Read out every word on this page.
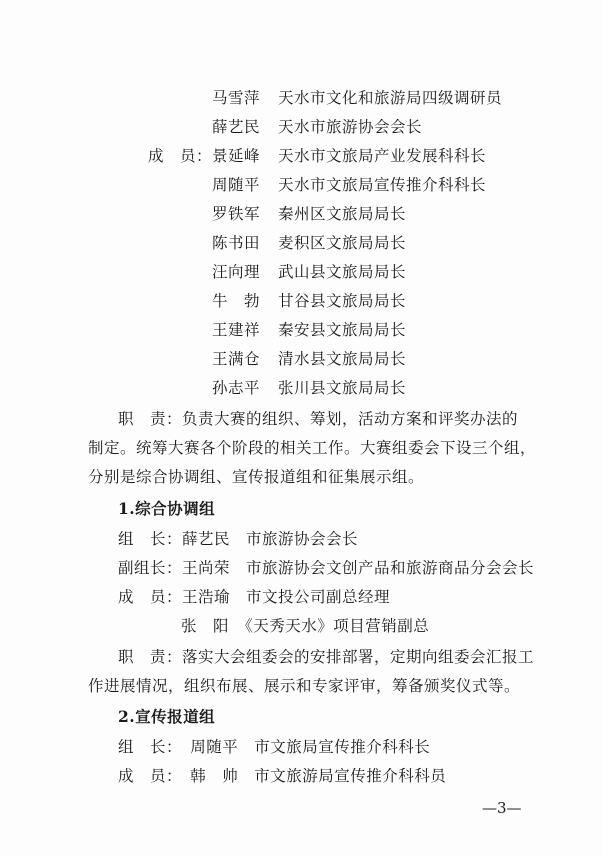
马雪萍 天水市文化和旅游局四级调研员
薛艺民 天水市旅游协会会长
成　员： 景延峰 天水市文旅局产业发展科科长
周随平 天水市文旅局宣传推介科科长
罗铁军 秦州区文旅局局长
陈书田 麦积区文旅局局长
汪向理 武山县文旅局局长
牛　勃 甘谷县文旅局局长
王建祥 秦安县文旅局局长
王满仓 清水县文旅局局长
孙志平 张川县文旅局局长
职　责：负责大赛的组织、筹划，活动方案和评奖办法的
制定。统筹大赛各个阶段的相关工作。大赛组委会下设三个组，
分别是综合协调组、宣传报道组和征集展示组。
1.综合协调组
组　长：薛艺民　市旅游协会会长
副组长：王尚荣　市旅游协会文创产品和旅游商品分会会长
成　员：王浩瑜　市文投公司副总经理
张　阳　《天秀天水》项目营销副总
职　责：落实大会组委会的安排部署，定期向组委会汇报工
作进展情况，组织布展、展示和专家评审，筹备颁奖仪式等。
2.宣传报道组
组　长：　周随平　市文旅局宣传推介科科长
成　员：　韩　帅　市文旅游局宣传推介科科员
—3—
